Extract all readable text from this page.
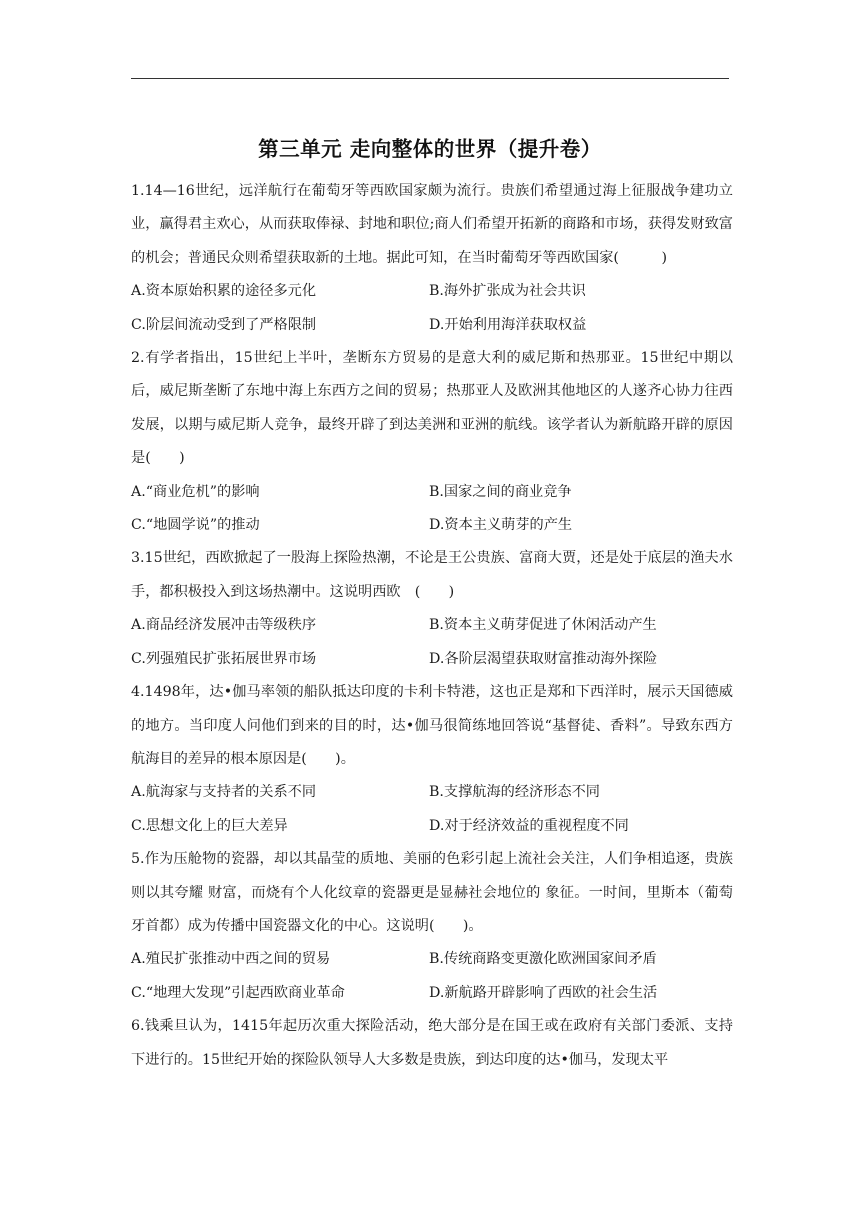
第三单元 走向整体的世界（提升卷）
1.14—16世纪，远洋航行在葡萄牙等西欧国家颇为流行。贵族们希望通过海上征服战争建功立业，赢得君主欢心，从而获取俸禄、封地和职位;商人们希望开拓新的商路和市场，获得发财致富的机会；普通民众则希望获取新的土地。据此可知，在当时葡萄牙等西欧国家(　　　)
A.资本原始积累的途径多元化	B.海外扩张成为社会共识
C.阶层间流动受到了严格限制	D.开始利用海洋获取权益
2.有学者指出，15世纪上半叶，垄断东方贸易的是意大利的威尼斯和热那亚。15世纪中期以后，威尼斯垄断了东地中海上东西方之间的贸易；热那亚人及欧洲其他地区的人遂齐心协力往西发展，以期与威尼斯人竞争，最终开辟了到达美洲和亚洲的航线。该学者认为新航路开辟的原因是(　　)
A.“商业危机”的影响	B.国家之间的商业竞争
C.“地圆学说”的推动	D.资本主义萌芽的产生
3.15世纪，西欧掀起了一股海上探险热潮，不论是王公贵族、富商大贾，还是处于底层的渔夫水手，都积极投入到这场热潮中。这说明西欧　(　　)
A.商品经济发展冲击等级秩序	B.资本主义萌芽促进了休闲活动产生
C.列强殖民扩张拓展世界市场	D.各阶层渴望获取财富推动海外探险
4.1498年，达•伽马率领的船队抵达印度的卡利卡特港，这也正是郑和下西洋时，展示天国德威的地方。当印度人问他们到来的目的时，达•伽马很简练地回答说“基督徒、香料”。导致东西方航海目的差异的根本原因是(　　)。
A.航海家与支持者的关系不同	B.支撑航海的经济形态不同
C.思想文化上的巨大差异	D.对于经济效益的重视程度不同
5.作为压舱物的瓷器，却以其晶莹的质地、美丽的色彩引起上流社会关注，人们争相追逐，贵族则以其夸耀 财富，而烧有个人化纹章的瓷器更是显赫社会地位的 象征。一时间，里斯本（葡萄牙首都）成为传播中国瓷器文化的中心。这说明(　　)。
A.殖民扩张推动中西之间的贸易	B.传统商路变更激化欧洲国家间矛盾
C.“地理大发现”引起西欧商业革命	D.新航路开辟影响了西欧的社会生活
6.钱乘旦认为，1415年起历次重大探险活动，绝大部分是在国王或在政府有关部门委派、支持下进行的。15世纪开始的探险队领导人大多数是贵族，到达印度的达•伽马，发现太平
